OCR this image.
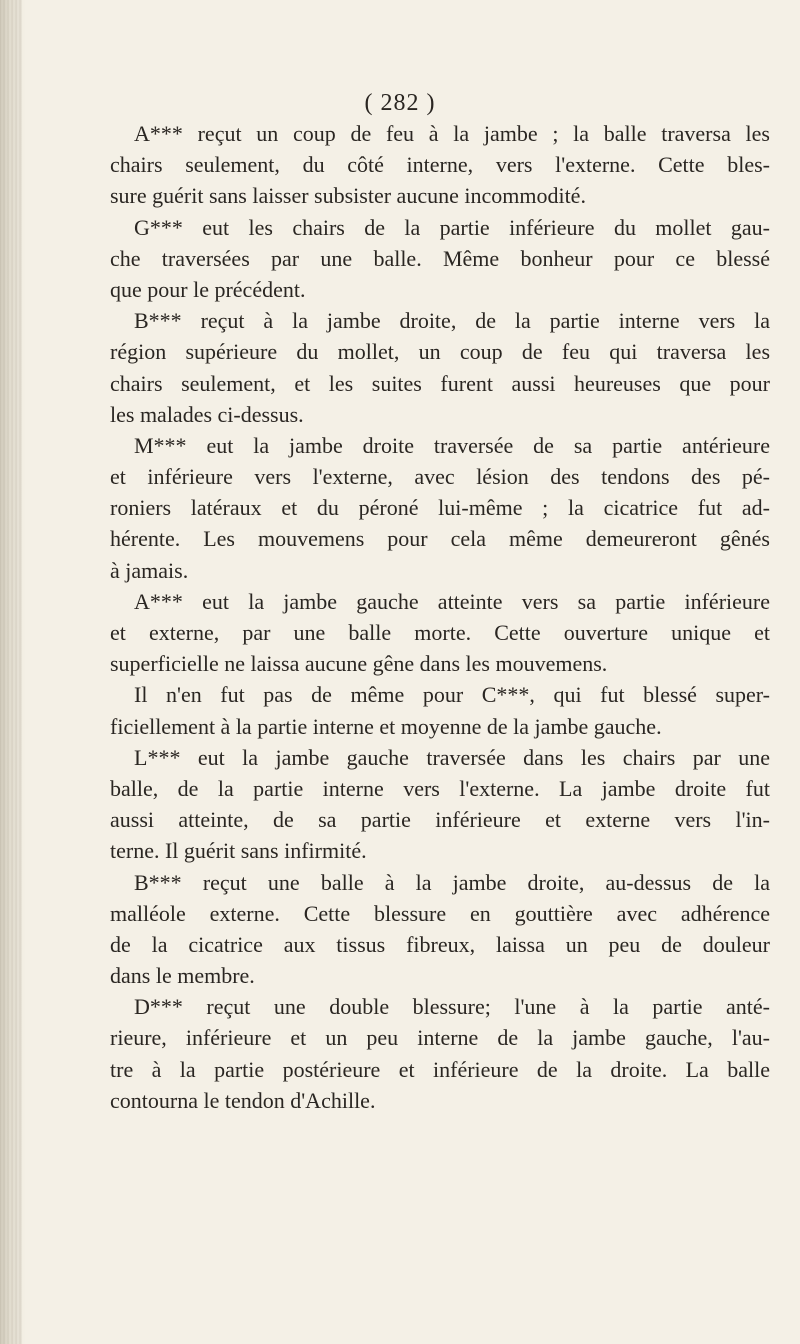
( 282 )
A*** reçut un coup de feu à la jambe ; la balle traversa les
chairs seulement, du côté interne, vers l'externe. Cette bles-
sure guérit sans laisser subsister aucune incommodité.
G*** eut les chairs de la partie inférieure du mollet gau-
che traversées par une balle. Même bonheur pour ce blessé
que pour le précédent.
B*** reçut à la jambe droite, de la partie interne vers la
région supérieure du mollet, un coup de feu qui traversa les
chairs seulement, et les suites furent aussi heureuses que pour
les malades ci-dessus.
M*** eut la jambe droite traversée de sa partie antérieure
et inférieure vers l'externe, avec lésion des tendons des pé-
roniers latéraux et du péroné lui-même ; la cicatrice fut ad-
hérente. Les mouvemens pour cela même demeureront gênés
à jamais.
A*** eut la jambe gauche atteinte vers sa partie inférieure
et externe, par une balle morte. Cette ouverture unique et
superficielle ne laissa aucune gêne dans les mouvemens.
Il n'en fut pas de même pour C***, qui fut blessé super-
ficiellement à la partie interne et moyenne de la jambe gauche.
L*** eut la jambe gauche traversée dans les chairs par une
balle, de la partie interne vers l'externe. La jambe droite fut
aussi atteinte, de sa partie inférieure et externe vers l'in-
terne. Il guérit sans infirmité.
B*** reçut une balle à la jambe droite, au-dessus de la
malléole externe. Cette blessure en gouttière avec adhérence
de la cicatrice aux tissus fibreux, laissa un peu de douleur
dans le membre.
D*** reçut une double blessure; l'une à la partie anté-
rieure, inférieure et un peu interne de la jambe gauche, l'au-
tre à la partie postérieure et inférieure de la droite. La balle
contourna le tendon d'Achille.
